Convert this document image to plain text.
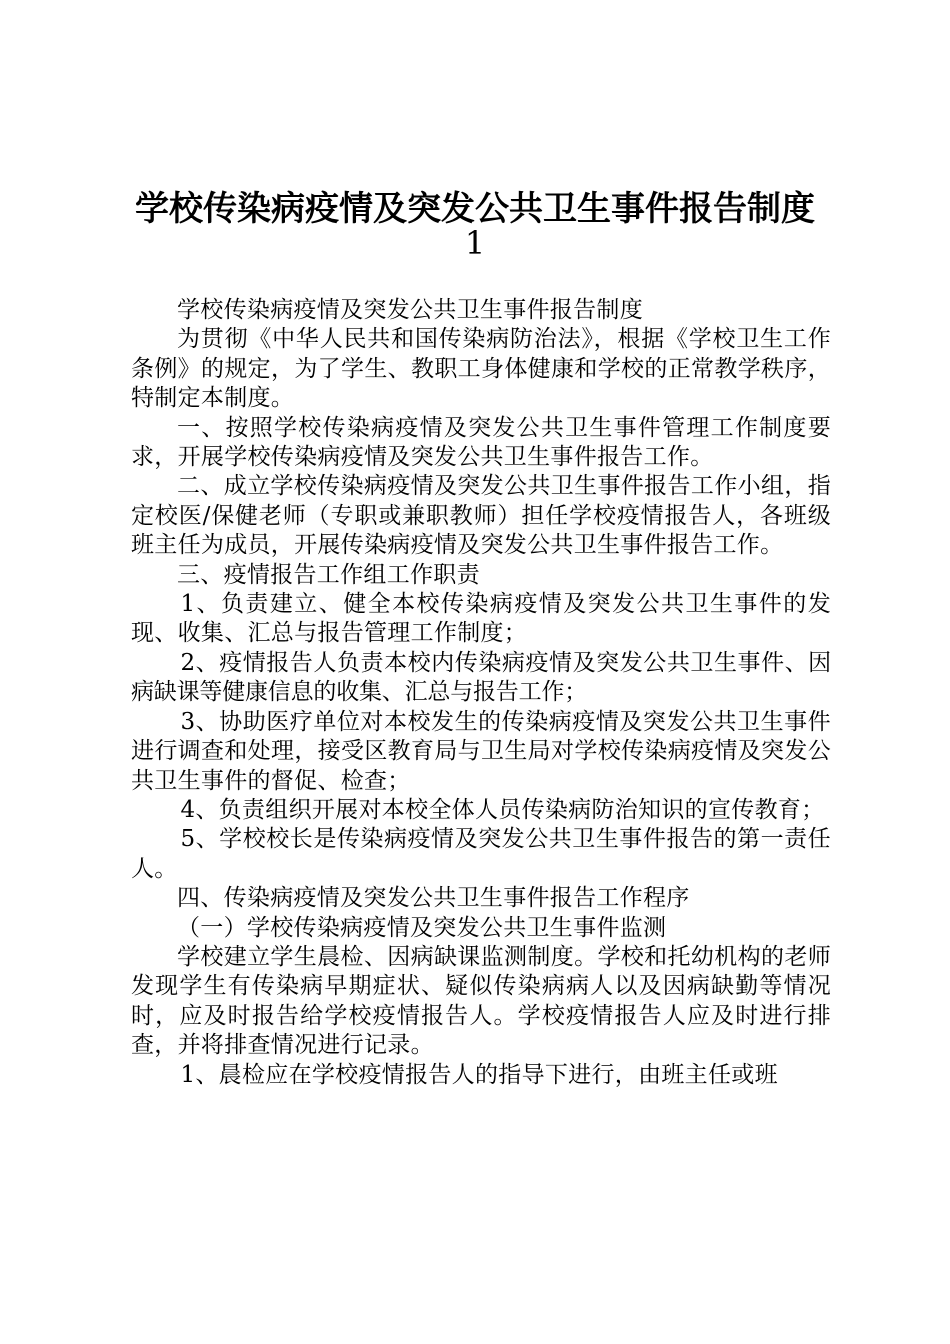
学校传染病疫情及突发公共卫生事件报告制度
1

学校传染病疫情及突发公共卫生事件报告制度

为贯彻《中华人民共和国传染病防治法》，根据《学校卫生工作条例》的规定，为了学生、教职工身体健康和学校的正常教学秩序，特制定本制度。

一、按照学校传染病疫情及突发公共卫生事件管理工作制度要求，开展学校传染病疫情及突发公共卫生事件报告工作。

二、成立学校传染病疫情及突发公共卫生事件报告工作小组，指定校医/保健老师（专职或兼职教师）担任学校疫情报告人，各班级班主任为成员，开展传染病疫情及突发公共卫生事件报告工作。

三、疫情报告工作组工作职责

1、负责建立、健全本校传染病疫情及突发公共卫生事件的发现、收集、汇总与报告管理工作制度；

2、疫情报告人负责本校内传染病疫情及突发公共卫生事件、因病缺课等健康信息的收集、汇总与报告工作；

3、协助医疗单位对本校发生的传染病疫情及突发公共卫生事件进行调查和处理，接受区教育局与卫生局对学校传染病疫情及突发公共卫生事件的督促、检查；

4、负责组织开展对本校全体人员传染病防治知识的宣传教育；

5、学校校长是传染病疫情及突发公共卫生事件报告的第一责任人。

四、传染病疫情及突发公共卫生事件报告工作程序

（一）学校传染病疫情及突发公共卫生事件监测

学校建立学生晨检、因病缺课监测制度。学校和托幼机构的老师发现学生有传染病早期症状、疑似传染病病人以及因病缺勤等情况时，应及时报告给学校疫情报告人。学校疫情报告人应及时进行排查，并将排查情况进行记录。

1、晨检应在学校疫情报告人的指导下进行，由班主任或班
